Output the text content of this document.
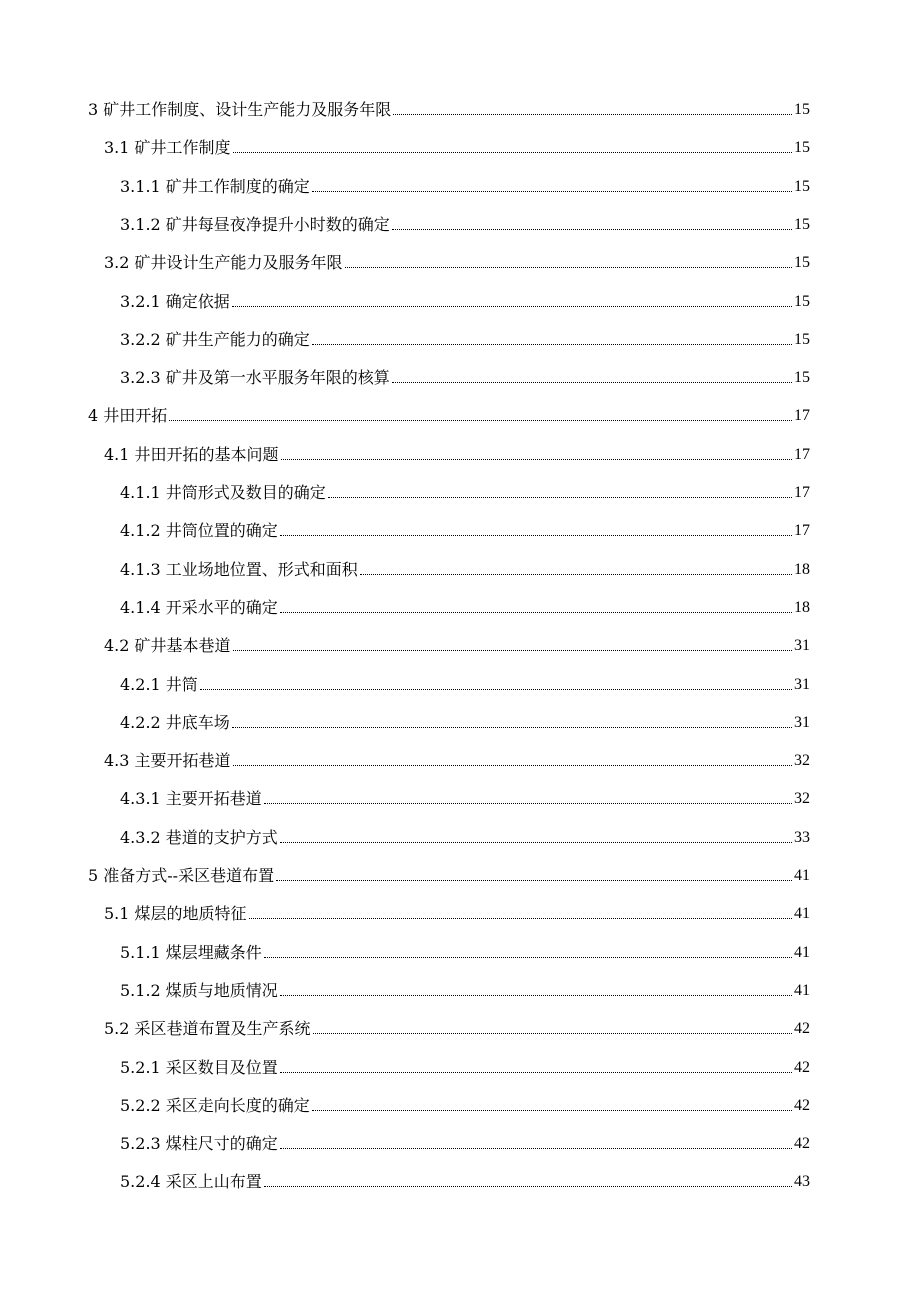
3 矿井工作制度、设计生产能力及服务年限	15
3.1 矿井工作制度	15
3.1.1 矿井工作制度的确定	15
3.1.2 矿井每昼夜净提升小时数的确定	15
3.2 矿井设计生产能力及服务年限	15
3.2.1 确定依据	15
3.2.2 矿井生产能力的确定	15
3.2.3 矿井及第一水平服务年限的核算	15
4 井田开拓	17
4.1 井田开拓的基本问题	17
4.1.1 井筒形式及数目的确定	17
4.1.2 井筒位置的确定	17
4.1.3 工业场地位置、形式和面积	18
4.1.4 开采水平的确定	18
4.2 矿井基本巷道	31
4.2.1 井筒	31
4.2.2 井底车场	31
4.3 主要开拓巷道	32
4.3.1 主要开拓巷道	32
4.3.2 巷道的支护方式	33
5 准备方式--采区巷道布置	41
5.1 煤层的地质特征	41
5.1.1 煤层埋藏条件	41
5.1.2 煤质与地质情况	41
5.2 采区巷道布置及生产系统	42
5.2.1 采区数目及位置	42
5.2.2 采区走向长度的确定	42
5.2.3 煤柱尺寸的确定	42
5.2.4 采区上山布置	43
